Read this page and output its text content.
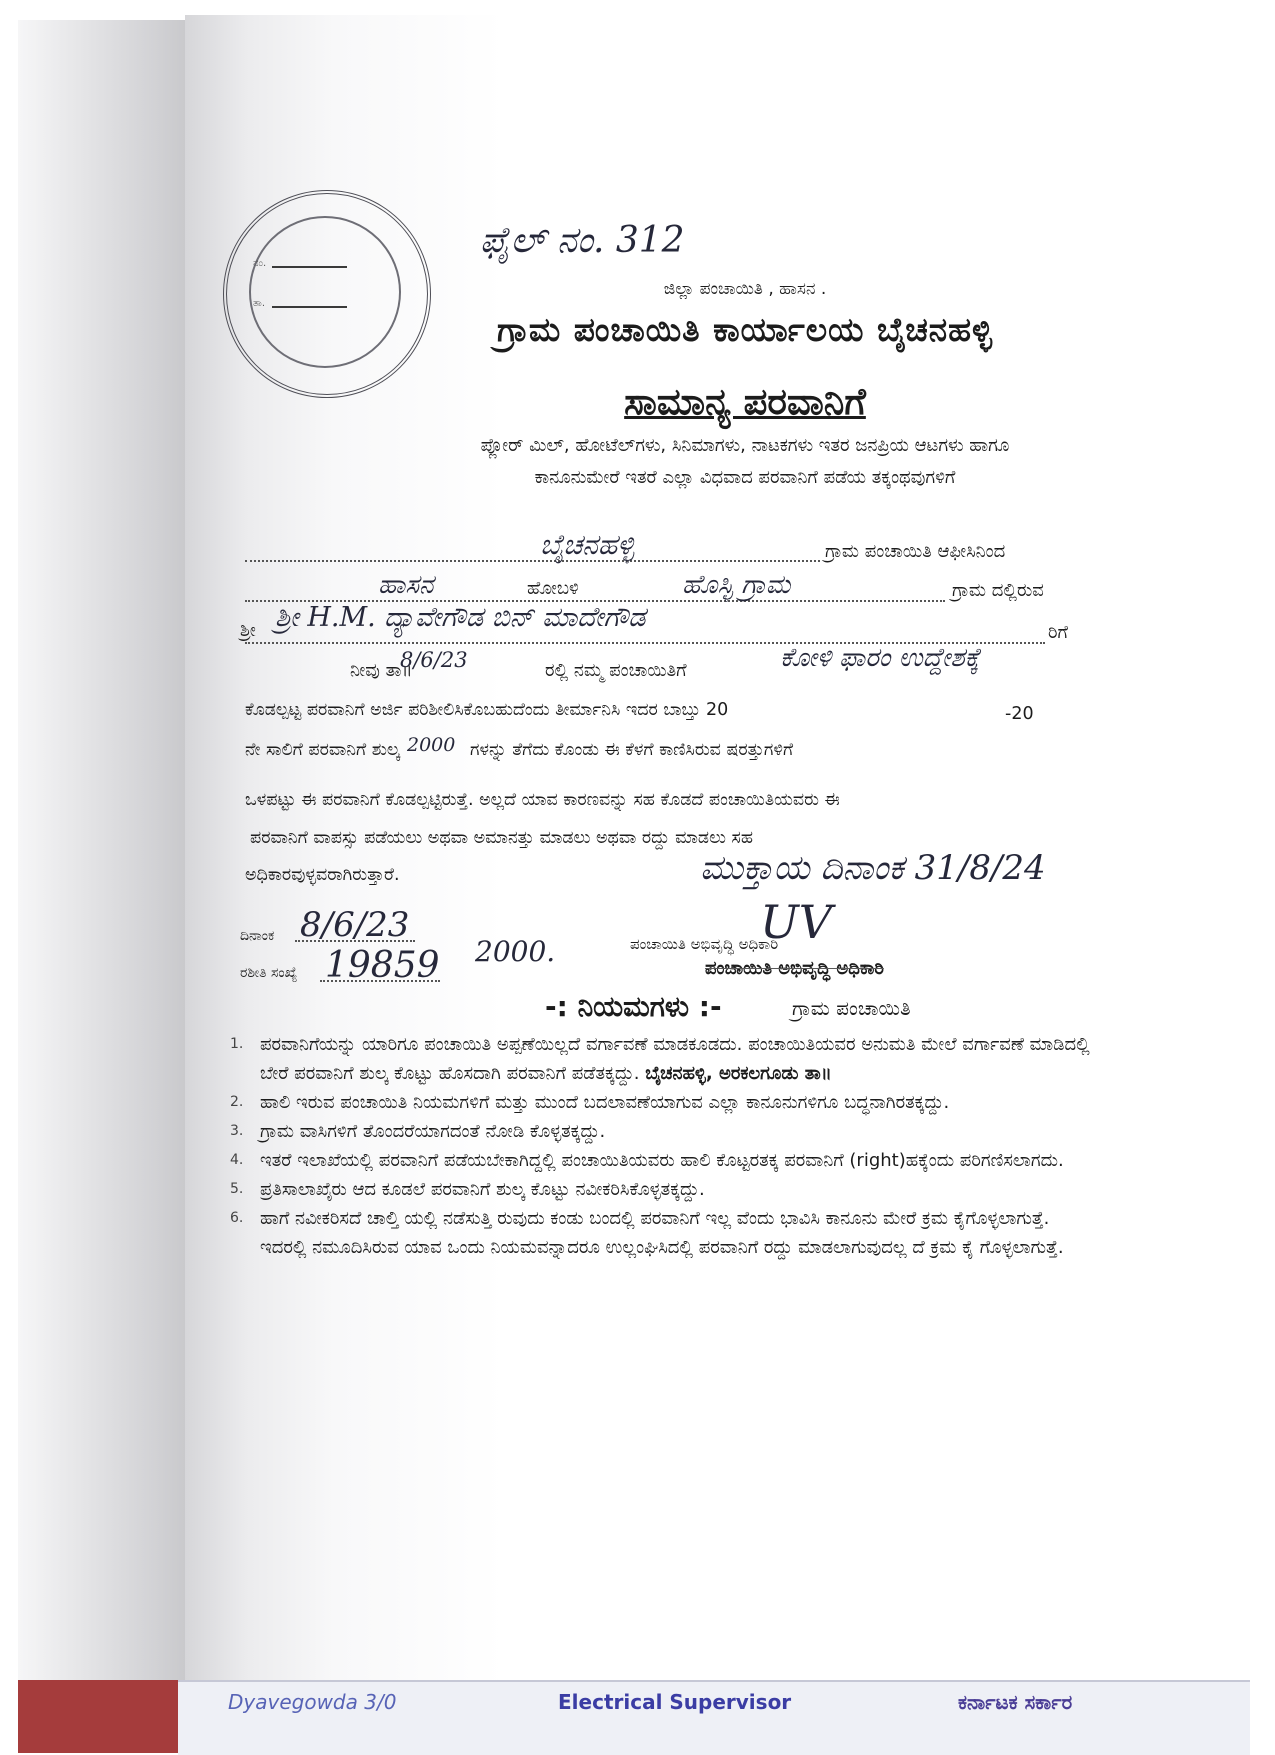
ನಂ.
ತಾ.
ಫೈಲ್ ನಂ. 312
ಜಿಲ್ಲಾ ಪಂಚಾಯಿತಿ , ಹಾಸನ .
ಗ್ರಾಮ ಪಂಚಾಯಿತಿ ಕಾರ್ಯಾಲಯ ಬೈಚನಹಳ್ಳಿ
ಸಾಮಾನ್ಯ ಪರವಾನಿಗೆ
ಪ್ಲೋರ್ ಮಿಲ್, ಹೋಟೆಲ್‌ಗಳು, ಸಿನಿಮಾಗಳು, ನಾಟಕಗಳು ಇತರ ಜನಪ್ರಿಯ ಆಟಗಳು ಹಾಗೂ
ಕಾನೂನುಮೇರೆ ಇತರೆ ಎಲ್ಲಾ ವಿಧವಾದ ಪರವಾನಿಗೆ ಪಡೆಯ ತಕ್ಕಂಥವುಗಳಿಗೆ
ಬೈಚನಹಳ್ಳಿ	ಗ್ರಾಮ ಪಂಚಾಯಿತಿ ಆಫೀಸಿನಿಂದ
ಹಾಸನ	ಹೋಬಳಿ	ಹೊಸ್ಳಿ ಗ್ರಾಮ	ಗ್ರಾಮ ದಲ್ಲಿರುವ
ಶ್ರೀ ಶ್ರೀ H.M. ದ್ಯಾವೇಗೌಡ ಬಿನ್ ಮಾದೇಗೌಡ	ರಿಗೆ
ನೀವು ತಾ॥
8/6/23	ರಲ್ಲಿ ನಮ್ಮ ಪಂಚಾಯಿತಿಗೆ	ಕೋಳಿ ಫಾರಂ ಉದ್ದೇಶಕ್ಕೆ
ಕೊಡಲ್ಪಟ್ಟ ಪರವಾನಿಗೆ ಅರ್ಜಿ ಪರಿಶೀಲಿಸಿಕೊಬಹುದೆಂದು ತೀರ್ಮಾನಿಸಿ ಇದರ ಬಾಬ್ತು 20	-20
ನೇ ಸಾಲಿಗೆ ಪರವಾನಿಗೆ ಶುಲ್ಕ 2000 ಗಳನ್ನು ತೆಗೆದು ಕೊಂಡು ಈ ಕೆಳಗೆ ಕಾಣಿಸಿರುವ ಷರತ್ತುಗಳಿಗೆ
ಒಳಪಟ್ಟು ಈ ಪರವಾನಿಗೆ ಕೊಡಲ್ಪಟ್ಟಿರುತ್ತೆ. ಅಲ್ಲದೆ ಯಾವ ಕಾರಣವನ್ನು ಸಹ ಕೊಡದೆ ಪಂಚಾಯಿತಿಯವರು ಈ
ಪರವಾನಿಗೆ ವಾಪಸ್ಸು ಪಡೆಯಲು ಅಥವಾ ಅಮಾನತ್ತು ಮಾಡಲು ಅಥವಾ ರದ್ದು ಮಾಡಲು ಸಹ
ಅಧಿಕಾರವುಳ್ಳವರಾಗಿರುತ್ತಾರೆ.	ಮುಕ್ತಾಯ ದಿನಾಂಕ 31/8/24
ದಿನಾಂಕ 8/6/23
ರಶೀತಿ ಸಂಖ್ಯೆ 19859 2000.	ಪಂಚಾಯಿತಿ ಅಭಿವೃದ್ಧಿ ಅಧಿಕಾರಿ
ಪಂಚಾಯಿತಿ ಅಭಿವೃದ್ಧಿ ಅಧಿಕಾರಿ
UV
-: ನಿಯಮಗಳು :-	ಗ್ರಾಮ ಪಂಚಾಯಿತಿ
1. ಪರವಾನಿಗೆಯನ್ನು ಯಾರಿಗೂ ಪಂಚಾಯಿತಿ ಅಪ್ಪಣೆಯಿಲ್ಲದೆ ವರ್ಗಾವಣೆ ಮಾಡಕೂಡದು. ಪಂಚಾಯಿತಿಯವರ ಅನುಮತಿ ಮೇಲೆ ವರ್ಗಾವಣೆ ಮಾಡಿದಲ್ಲಿ ಬೇರೆ ಪರವಾನಿಗೆ ಶುಲ್ಕ ಕೊಟ್ಟು ಹೊಸದಾಗಿ ಪರವಾನಿಗೆ ಪಡೆತಕ್ಕದ್ದು. ಬೈಚನಹಳ್ಳಿ, ಅರಕಲಗೂಡು ತಾ॥
2. ಹಾಲಿ ಇರುವ ಪಂಚಾಯಿತಿ ನಿಯಮಗಳಿಗೆ ಮತ್ತು ಮುಂದೆ ಬದಲಾವಣೆಯಾಗುವ ಎಲ್ಲಾ ಕಾನೂನುಗಳಿಗೂ ಬದ್ಧನಾಗಿರತಕ್ಕದ್ದು.
3. ಗ್ರಾಮ ವಾಸಿಗಳಿಗೆ ತೊಂದರೆಯಾಗದಂತೆ ನೋಡಿ ಕೊಳ್ಳತಕ್ಕದ್ದು.
4. ಇತರೆ ಇಲಾಖೆಯಲ್ಲಿ ಪರವಾನಿಗೆ ಪಡೆಯಬೇಕಾಗಿದ್ದಲ್ಲಿ ಪಂಚಾಯಿತಿಯವರು ಹಾಲಿ ಕೊಟ್ಟರತಕ್ಕ ಪರವಾನಿಗೆ (right)ಹಕ್ಕೆಂದು ಪರಿಗಣಿಸಲಾಗದು.
5. ಪ್ರತಿಸಾಲಾಖೈರು ಆದ ಕೂಡಲೆ ಪರವಾನಿಗೆ ಶುಲ್ಕ ಕೊಟ್ಟು ನವೀಕರಿಸಿಕೊಳ್ಳತಕ್ಕದ್ದು.
6. ಹಾಗೆ ನವೀಕರಿಸದೆ ಚಾಲ್ತಿ ಯಲ್ಲಿ ನಡೆಸುತ್ತಿ ರುವುದು ಕಂಡು ಬಂದಲ್ಲಿ ಪರವಾನಿಗೆ ಇಲ್ಲ ವೆಂದು ಭಾವಿಸಿ ಕಾನೂನು ಮೇರೆ ಕ್ರಮ ಕೈಗೊಳ್ಳಲಾಗುತ್ತೆ.
ಇದರಲ್ಲಿ ನಮೂದಿಸಿರುವ ಯಾವ ಒಂದು ನಿಯಮವನ್ನಾದರೂ ಉಲ್ಲಂಘಿಸಿದಲ್ಲಿ ಪರವಾನಿಗೆ ರದ್ದು ಮಾಡಲಾಗುವುದಲ್ಲ ದೆ ಕ್ರಮ ಕೈ ಗೊಳ್ಳಲಾಗುತ್ತೆ.
Dyavegowda 3/0	Electrical Supervisor	ಕರ್ನಾಟಕ ಸರ್ಕಾರ
